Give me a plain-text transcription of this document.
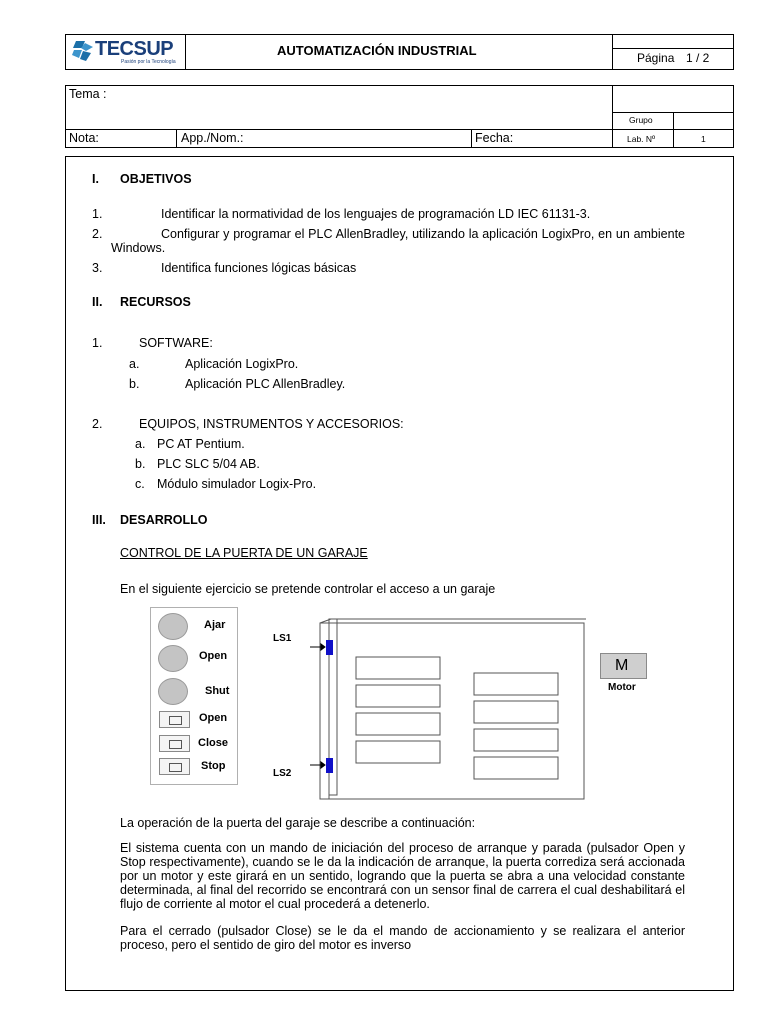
TECSUP
Pasión por la Tecnología
AUTOMATIZACIÓN INDUSTRIAL	Página 1 / 2
Tema :
Grupo
Nota:	App./Nom.:	Fecha:	Lab. Nº	1
I. OBJETIVOS
1.	Identificar la normatividad de los lenguajes de programación LD IEC 61131-3.
2.	Configurar y programar el PLC AllenBradley, utilizando la aplicación LogixPro, en un ambiente Windows.
3.	Identifica funciones lógicas básicas
II. RECURSOS
1.	SOFTWARE:
a.	Aplicación LogixPro.
b.	Aplicación PLC AllenBradley.
2.	EQUIPOS, INSTRUMENTOS Y ACCESORIOS:
a. PC AT Pentium.
b. PLC SLC 5/04 AB.
c. Módulo simulador Logix-Pro.
III. DESARROLLO
CONTROL DE LA PUERTA DE UN GARAJE
En el siguiente ejercicio se pretende controlar el acceso a un garaje
Ajar
Open
Shut
Open
Close
Stop
LS1
LS2
M
Motor
La operación de la puerta del garaje se describe a continuación:
El sistema cuenta con un mando de iniciación del proceso de arranque y parada (pulsador Open y Stop respectivamente), cuando se le da la indicación de arranque, la puerta corrediza será accionada por un motor y este girará en un sentido, logrando que la puerta se abra a una velocidad constante determinada, al final del recorrido se encontrará con un sensor final de carrera el cual deshabilitará el flujo de corriente al motor el cual procederá a detenerlo.
Para el cerrado (pulsador Close) se le da el mando de accionamiento y se realizara el anterior proceso, pero el sentido de giro del motor es inverso
